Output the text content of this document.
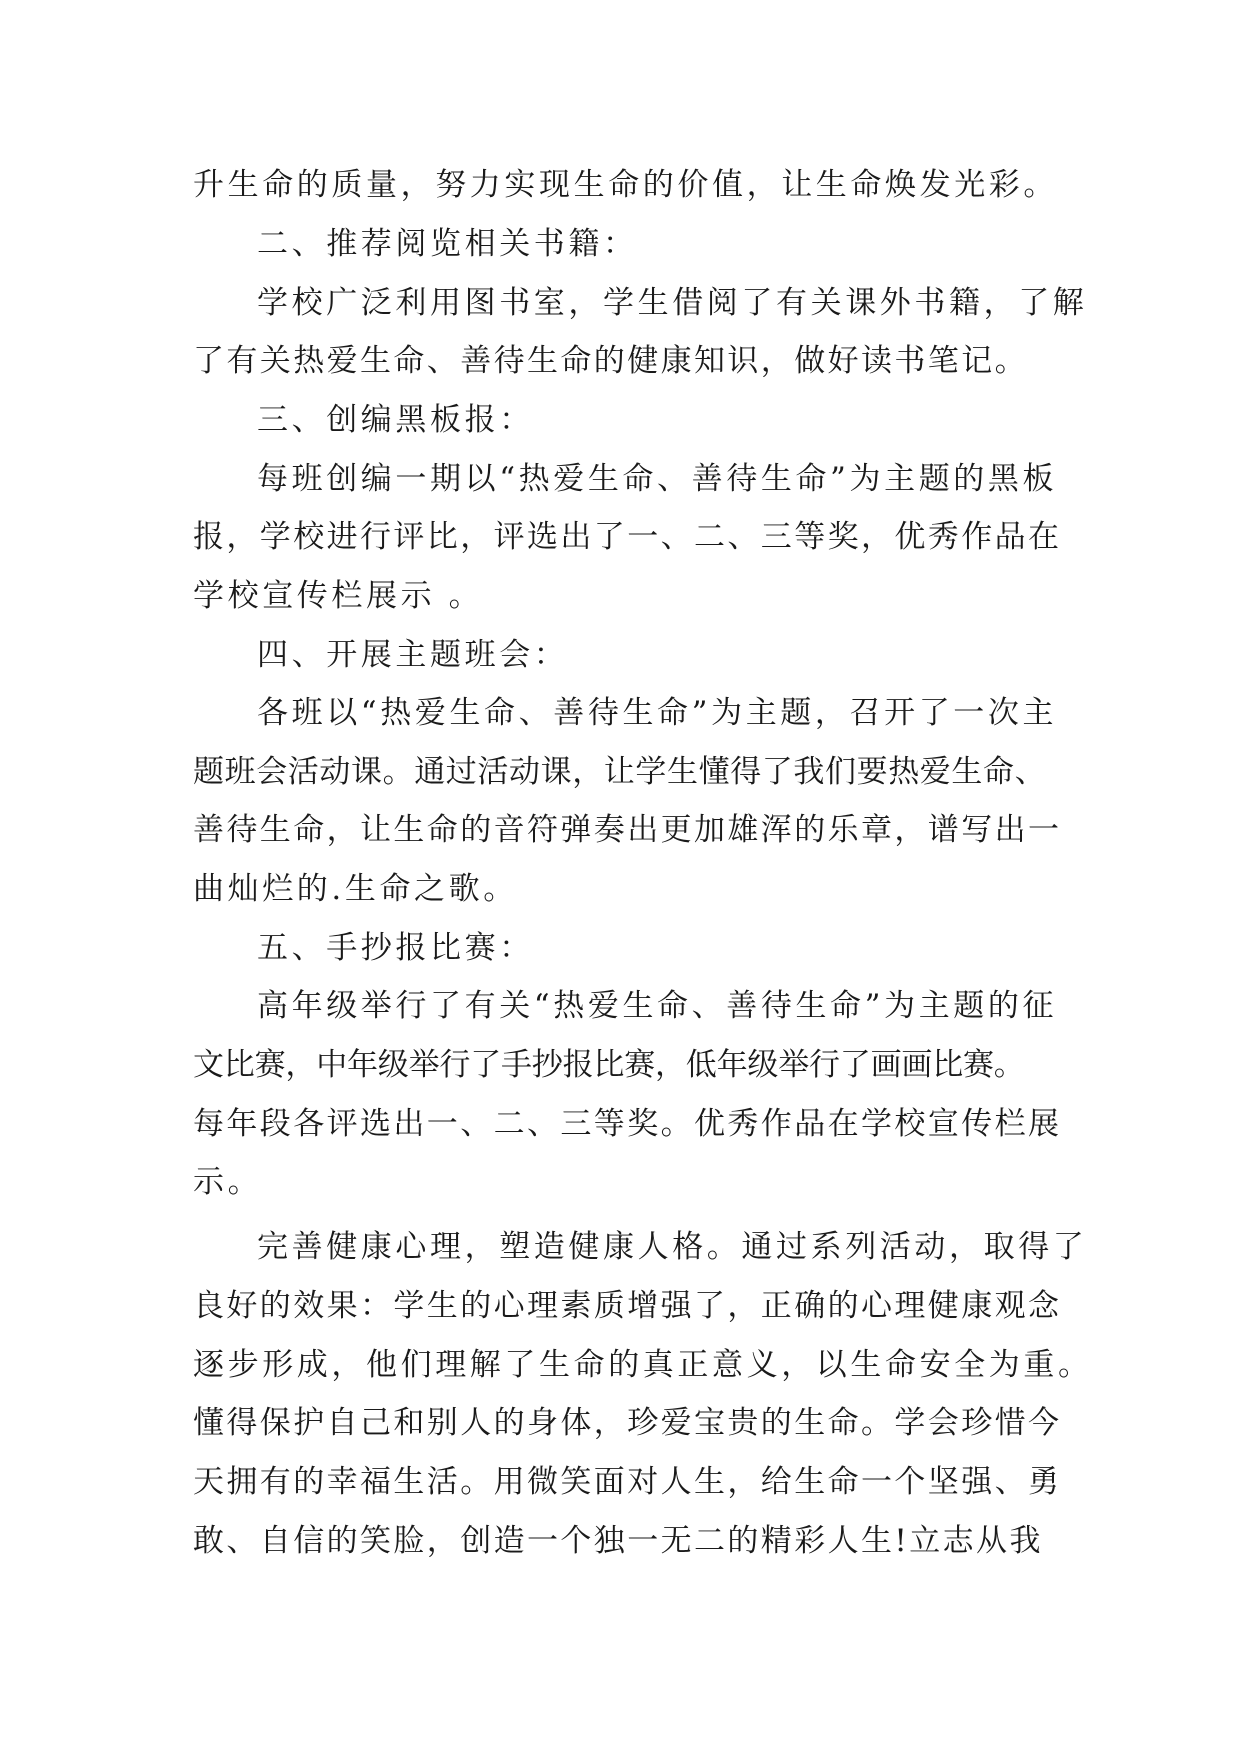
升生命的质量，努力实现生命的价值，让生命焕发光彩。
二、推荐阅览相关书籍：
学校广泛利用图书室，学生借阅了有关课外书籍，了解
了有关热爱生命、善待生命的健康知识，做好读书笔记。
三、创编黑板报：
每班创编一期以“热爱生命、善待生命”为主题的黑板
报，学校进行评比，评选出了一、二、三等奖，优秀作品在
学校宣传栏展示 。
四、开展主题班会：
各班以“热爱生命、善待生命”为主题，召开了一次主
题班会活动课。通过活动课，让学生懂得了我们要热爱生命、
善待生命，让生命的音符弹奏出更加雄浑的乐章，谱写出一
曲灿烂的.生命之歌。
五、手抄报比赛：
高年级举行了有关“热爱生命、善待生命”为主题的征
文比赛，中年级举行了手抄报比赛，低年级举行了画画比赛。
每年段各评选出一、二、三等奖。优秀作品在学校宣传栏展
示。
完善健康心理，塑造健康人格。通过系列活动，取得了
良好的效果：学生的心理素质增强了，正确的心理健康观念
逐步形成，他们理解了生命的真正意义，以生命安全为重。
懂得保护自己和别人的身体，珍爱宝贵的生命。学会珍惜今
天拥有的幸福生活。用微笑面对人生，给生命一个坚强、勇
敢、自信的笑脸，创造一个独一无二的精彩人生!立志从我
